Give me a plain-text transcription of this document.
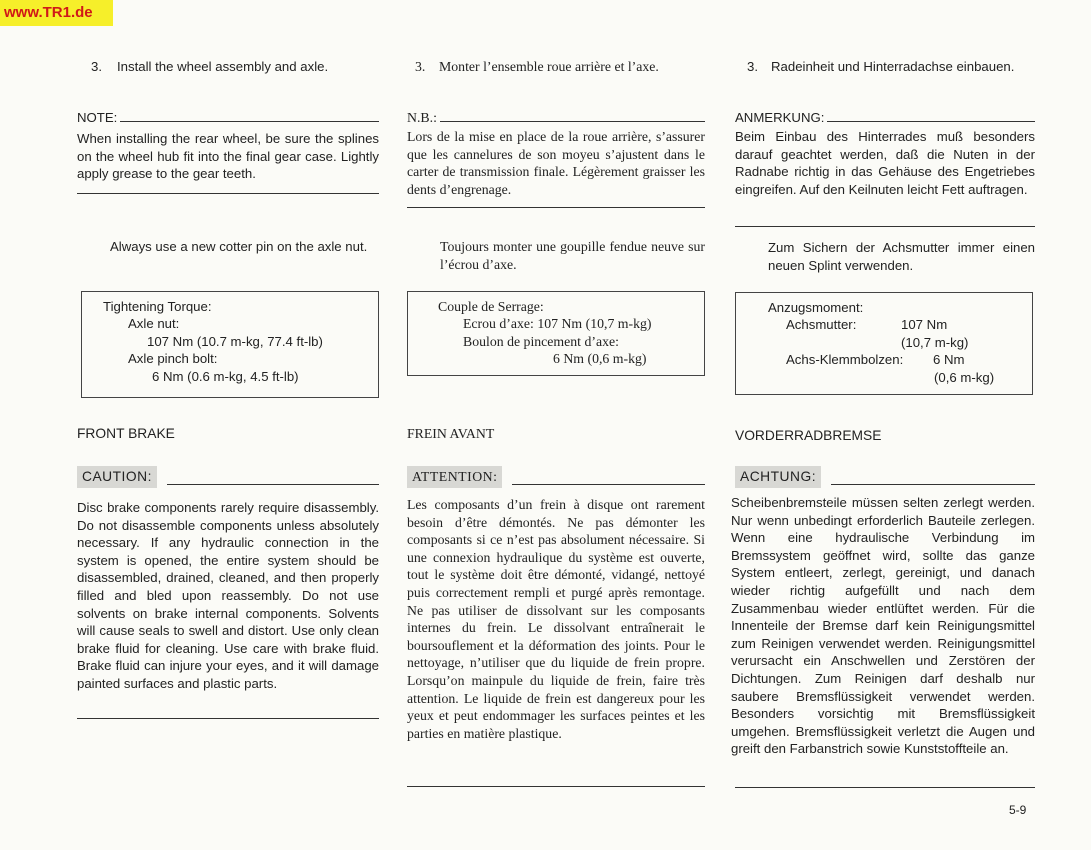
www.TR1.de
3.	Install the wheel assembly and axle.
NOTE:
When installing the rear wheel, be sure the splines on the wheel hub fit into the final gear case. Lightly apply grease to the gear teeth.
Always use a new cotter pin on the axle nut.
Tightening Torque:
Axle nut:
107 Nm (10.7 m-kg, 77.4 ft-lb)
Axle pinch bolt:
6 Nm (0.6 m-kg, 4.5 ft-lb)
FRONT BRAKE
CAUTION:
Disc brake components rarely require disassembly. Do not disassemble components unless absolutely necessary. If any hydraulic connection in the system is opened, the entire system should be disassembled, drained, cleaned, and then properly filled and bled upon reassembly. Do not use solvents on brake internal components. Solvents will cause seals to swell and distort. Use only clean brake fluid for cleaning. Use care with brake fluid. Brake fluid can injure your eyes, and it will damage painted surfaces and plastic parts.
3. Monter l’ensemble roue arrière et l’axe.
N.B.:
Lors de la mise en place de la roue arrière, s’assurer que les cannelures de son moyeu s’ajustent dans le carter de transmission finale. Légèrement graisser les dents d’engrenage.
Toujours monter une goupille fendue neuve sur l’écrou d’axe.
Couple de Serrage:
Ecrou d’axe: 107 Nm (10,7 m-kg)
Boulon de pincement d’axe:
6 Nm (0,6 m-kg)
FREIN AVANT
ATTENTION:
Les composants d’un frein à disque ont rarement besoin d’être démontés. Ne pas démonter les composants si ce n’est pas absolument nécessaire. Si une connexion hydraulique du système est ouverte, tout le système doit être démonté, vidangé, nettoyé puis correctement rempli et purgé après remontage. Ne pas utiliser de dissolvant sur les composants internes du frein. Le dissolvant entraînerait le boursouflement et la déformation des joints. Pour le nettoyage, n’utiliser que du liquide de frein propre. Lorsqu’on mainpule du liquide de frein, faire très attention. Le liquide de frein est dangereux pour les yeux et peut endommager les surfaces peintes et les parties en matière plastique.
3. Radeinheit und Hinterradachse einbauen.
ANMERKUNG:
Beim Einbau des Hinterrades muß besonders darauf geachtet werden, daß die Nuten in der Radnabe richtig in das Gehäuse des Engetriebes eingreifen. Auf den Keilnuten leicht Fett auftragen.
Zum Sichern der Achsmutter immer einen neuen Splint verwenden.
Anzugsmoment:
Achsmutter:	107 Nm
(10,7 m-kg)
Achs-Klemmbolzen:	6 Nm
(0,6 m-kg)
VORDERRADBREMSE
ACHTUNG:
Scheibenbremsteile müssen selten zerlegt werden. Nur wenn unbedingt erforderlich Bauteile zerlegen. Wenn eine hydraulische Verbindung im Bremssystem geöffnet wird, sollte das ganze System entleert, zerlegt, gereinigt, und danach wieder richtig aufgefüllt und nach dem Zusammenbau wieder entlüftet werden. Für die Innenteile der Bremse darf kein Reinigungsmittel zum Reinigen verwendet werden. Reinigungsmittel verursacht ein Anschwellen und Zerstören der Dichtungen. Zum Reinigen darf deshalb nur saubere Bremsflüssigkeit verwendet werden. Besonders vorsichtig mit Bremsflüssigkeit umgehen. Bremsflüssigkeit verletzt die Augen und greift den Farbanstrich sowie Kunststoffteile an.
5-9
